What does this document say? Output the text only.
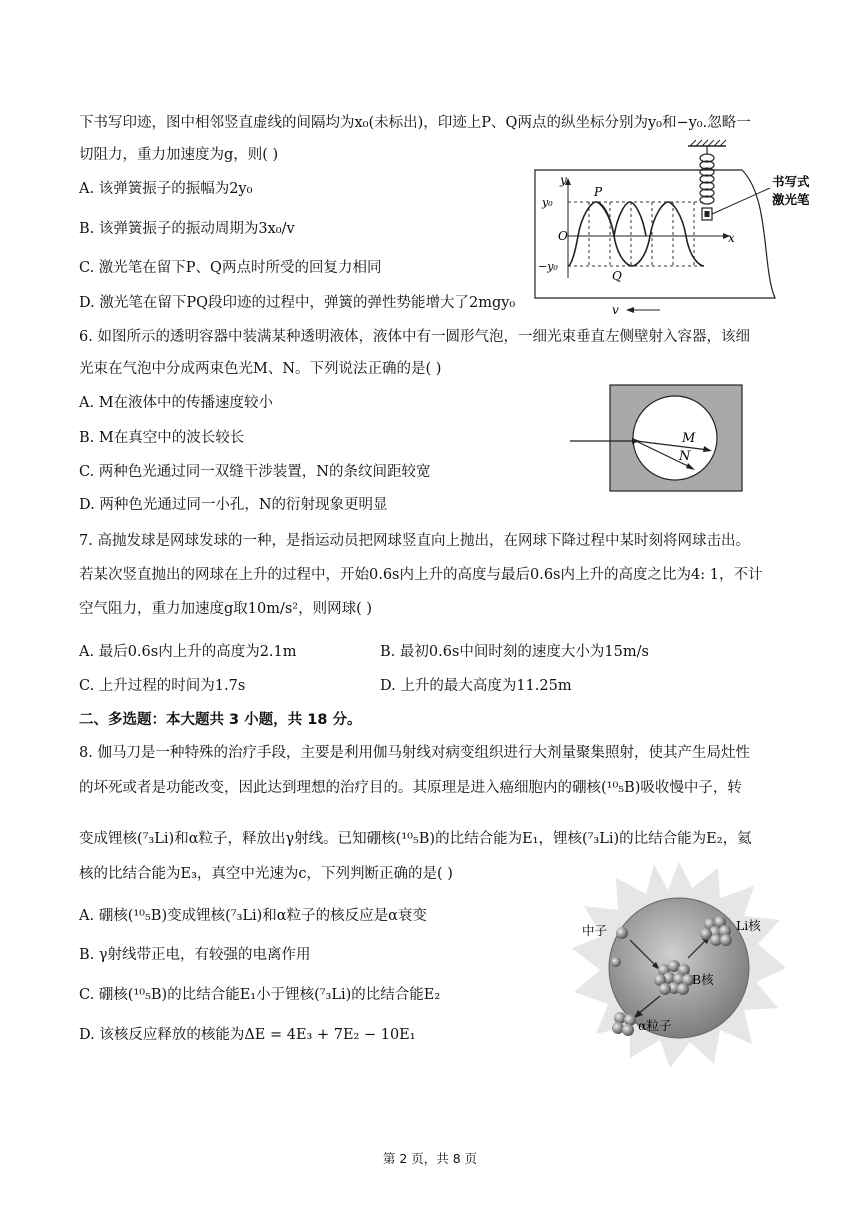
下书写印迹，图中相邻竖直虚线的间隔均为x₀(未标出)，印迹上P、Q两点的纵坐标分别为y₀和−y₀.忽略一
切阻力，重力加速度为g，则( )
A. 该弹簧振子的振幅为2y₀
B. 该弹簧振子的振动周期为3x₀/v
C. 激光笔在留下P、Q两点时所受的回复力相同
D. 激光笔在留下PQ段印迹的过程中，弹簧的弹性势能增大了2mgy₀
y
y₀
O
−y₀
x
P
Q
书写式
激光笔
v
6. 如图所示的透明容器中装满某种透明液体，液体中有一圆形气泡，一细光束垂直左侧壁射入容器，该细
光束在气泡中分成两束色光M、N。下列说法正确的是( )
A. M在液体中的传播速度较小
B. M在真空中的波长较长
C. 两种色光通过同一双缝干涉装置，N的条纹间距较宽
D. 两种色光通过同一小孔，N的衍射现象更明显
M
N
7. 高抛发球是网球发球的一种，是指运动员把网球竖直向上抛出，在网球下降过程中某时刻将网球击出。
若某次竖直抛出的网球在上升的过程中，开始0.6s内上升的高度与最后0.6s内上升的高度之比为4: 1，不计
空气阻力，重力加速度g取10m/s²，则网球( )
A. 最后0.6s内上升的高度为2.1m	B. 最初0.6s中间时刻的速度大小为15m/s
C. 上升过程的时间为1.7s	D. 上升的最大高度为11.25m
二、多选题：本大题共 3 小题，共 18 分。
8. 伽马刀是一种特殊的治疗手段，主要是利用伽马射线对病变组织进行大剂量聚集照射，使其产生局灶性
的坏死或者是功能改变，因此达到理想的治疗目的。其原理是进入癌细胞内的硼核(¹⁰₅B)吸收慢中子，转
变成锂核(⁷₃Li)和α粒子，释放出γ射线。已知硼核(¹⁰₅B)的比结合能为E₁，锂核(⁷₃Li)的比结合能为E₂，氦
核的比结合能为E₃，真空中光速为c，下列判断正确的是( )
A. 硼核(¹⁰₅B)变成锂核(⁷₃Li)和α粒子的核反应是α衰变
B. γ射线带正电，有较强的电离作用
C. 硼核(¹⁰₅B)的比结合能E₁小于锂核(⁷₃Li)的比结合能E₂
D. 该核反应释放的核能为ΔE = 4E₃ + 7E₂ − 10E₁
中子	Li核
B核
α粒子
第 2 页，共 8 页
